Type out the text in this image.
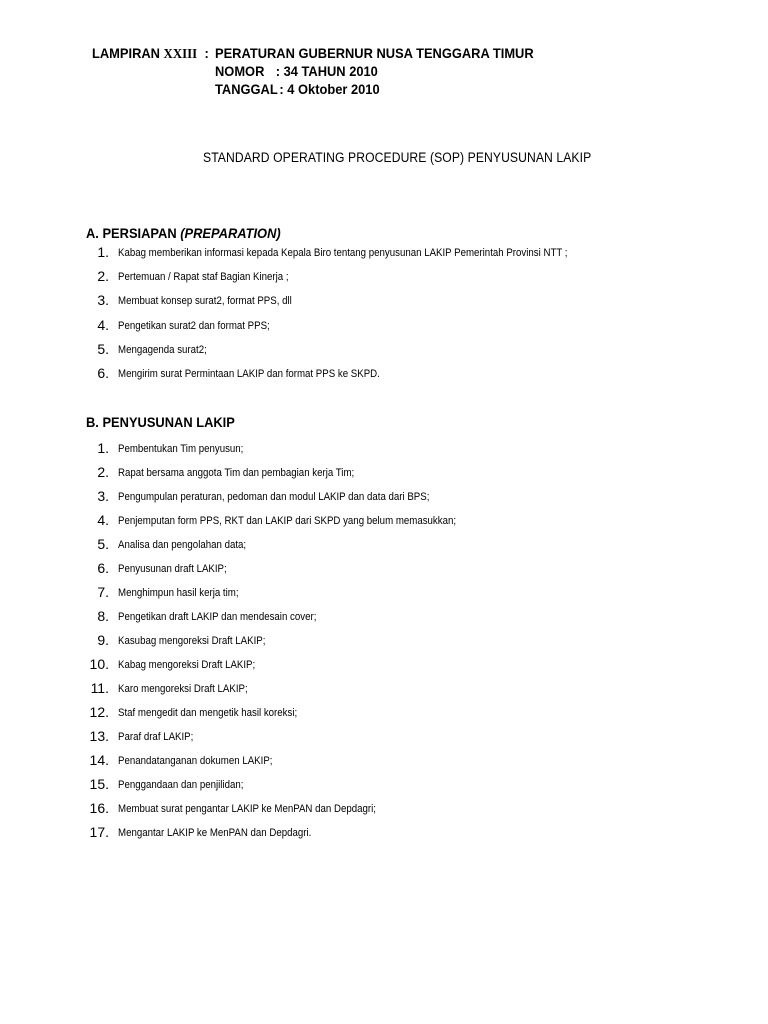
LAMPIRAN XXIII : PERATURAN GUBERNUR NUSA TENGGARA TIMUR
NOMOR : 34 TAHUN 2010
TANGGAL : 4 Oktober 2010
STANDARD OPERATING PROCEDURE (SOP) PENYUSUNAN LAKIP
A. PERSIAPAN (PREPARATION)
1. Kabag memberikan informasi kepada Kepala Biro tentang penyusunan LAKIP Pemerintah Provinsi NTT ;
2. Pertemuan / Rapat staf Bagian Kinerja ;
3. Membuat konsep surat2, format PPS, dll
4. Pengetikan surat2 dan format PPS;
5. Mengagenda surat2;
6. Mengirim surat Permintaan LAKIP dan format PPS ke SKPD.
B. PENYUSUNAN LAKIP
1. Pembentukan Tim penyusun;
2. Rapat bersama anggota Tim dan pembagian kerja Tim;
3. Pengumpulan peraturan, pedoman dan modul LAKIP dan data dari BPS;
4. Penjemputan form PPS, RKT dan LAKIP dari SKPD yang belum memasukkan;
5. Analisa dan pengolahan data;
6. Penyusunan draft LAKIP;
7. Menghimpun hasil kerja tim;
8. Pengetikan draft LAKIP dan mendesain cover;
9. Kasubag mengoreksi Draft LAKIP;
10. Kabag mengoreksi Draft LAKIP;
11. Karo mengoreksi Draft LAKIP;
12. Staf mengedit dan mengetik hasil koreksi;
13. Paraf draf LAKIP;
14. Penandatanganan dokumen LAKIP;
15. Penggandaan dan penjilidan;
16. Membuat surat pengantar LAKIP ke MenPAN dan Depdagri;
17. Mengantar LAKIP ke MenPAN dan Depdagri.
